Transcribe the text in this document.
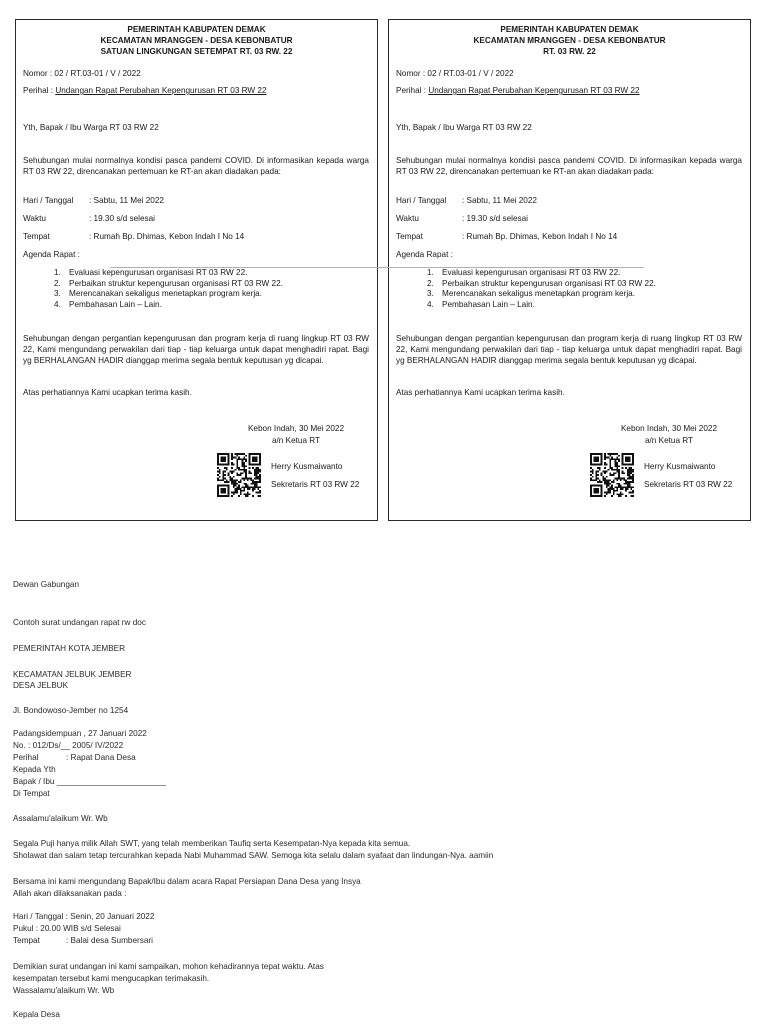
PEMERINTAH KABUPATEN DEMAK
KECAMATAN MRANGGEN - DESA KEBONBATUR
SATUAN LINGKUNGAN SETEMPAT RT. 03 RW. 22
Nomor : 02 / RT.03-01 / V / 2022
Perihal : Undangan Rapat Perubahan Kepengurusan RT 03 RW 22
Yth, Bapak / Ibu Warga RT 03 RW 22
Sehubungan mulai normalnya kondisi pasca pandemi COVID. Di informasikan kepada warga RT 03 RW 22, direncanakan pertemuan ke RT-an akan diadakan pada:
Hari / Tanggal : Sabtu, 11 Mei 2022
Waktu	: 19.30 s/d selesai
Tempat	: Rumah Bp. Dhimas, Kebon Indah I No 14
Agenda Rapat :
1. Evaluasi kepengurusan organisasi RT 03 RW 22.
2. Perbaikan struktur kepengurusan organisasi RT 03 RW 22.
3. Merencanakan sekaligus menetapkan program kerja.
4. Pembahasan Lain – Lain.
Sehubungan dengan pergantian kepengurusan dan program kerja di ruang lingkup RT 03 RW 22, Kami mengundang perwakilan dari tiap - tiap keluarga untuk dapat menghadiri rapat. Bagi yg BERHALANGAN HADIR dianggap merima segala bentuk keputusan yg dicapai.
Atas perhatiannya Kami ucapkan terima kasih.
Kebon Indah, 30 Mei 2022
a/n Ketua RT
Herry Kusmaiwanto
Sekretaris RT 03 RW 22
PEMERINTAH KABUPATEN DEMAK
KECAMATAN MRANGGEN - DESA KEBONBATUR
RT. 03 RW. 22
Nomor : 02 / RT.03-01 / V / 2022
Perihal : Undangan Rapat Perubahan Kepengurusan RT 03 RW 22
Yth, Bapak / Ibu Warga RT 03 RW 22
Sehubungan mulai normalnya kondisi pasca pandemi COVID. Di informasikan kepada warga RT 03 RW 22, direncanakan pertemuan ke RT-an akan diadakan pada:
Hari / Tanggal : Sabtu, 11 Mei 2022
Waktu	: 19.30 s/d selesai
Tempat	: Rumah Bp. Dhimas, Kebon Indah I No 14
Agenda Rapat :
1. Evaluasi kepengurusan organisasi RT 03 RW 22.
2. Perbaikan struktur kepengurusan organisasi RT 03 RW 22.
3. Merencanakan sekaligus menetapkan program kerja.
4. Pembahasan Lain – Lain.
Sehubungan dengan pergantian kepengurusan dan program kerja di ruang lingkup RT 03 RW 22, Kami mengundang perwakilan dari tiap - tiap keluarga untuk dapat menghadiri rapat. Bagi yg BERHALANGAN HADIR dianggap merima segala bentuk keputusan yg dicapai.
Atas perhatiannya Kami ucapkan terima kasih.
Kebon Indah, 30 Mei 2022
a/n Ketua RT
Herry Kusmaiwanto
Sekretaris RT 03 RW 22
Dewan Gabungan
Contoh surat undangan rapat rw doc
PEMERINTAH KOTA JEMBER
KECAMATAN JELBUK JEMBER
DESA JELBUK
Jl. Bondowoso-Jember no 1254
Padangsidempuan , 27 Januari 2022
No. : 012/Ds/__ 2005/ IV/2022
Perihal	: Rapat Dana Desa
Kepada Yth
Bapak / Ibu ________________________
Di Tempat
Assalamu'alaikum Wr. Wb
Segala Puji hanya milik Allah SWT, yang telah memberikan Taufiq serta Kesempatan-Nya kepada kita semua.
Sholawat dan salam tetap tercurahkan kepada Nabi Muhammad SAW. Semoga kita selalu dalam syafaat dan lindungan-Nya. aamiin
Bersama ini kami mengundang Bapak/Ibu dalam acara Rapat Persiapan Dana Desa yang Insya
Allah akan dilaksanakan pada :
Hari / Tanggal : Senin, 20 Januari 2022
Pukul : 20.00 WIB s/d Selesai
Tempat	: Balai desa Sumbersari
Demikian surat undangan ini kami sampaikan, mohon kehadirannya tepat waktu. Atas
kesempatan tersebut kami mengucapkan terimakasih.
Wassalamu'alaikum Wr. Wb
Kepala Desa
